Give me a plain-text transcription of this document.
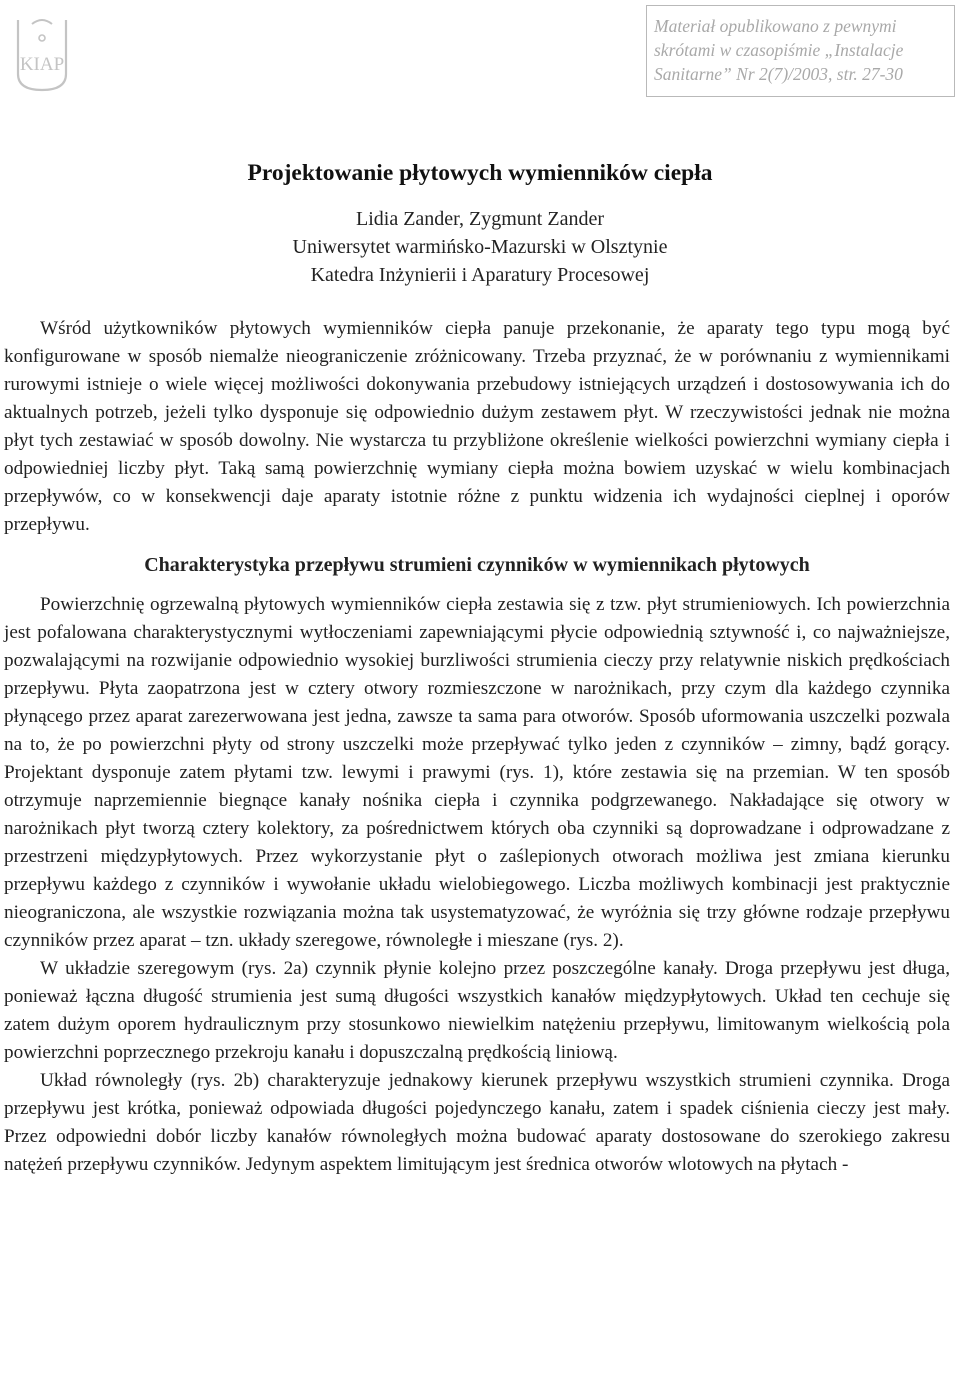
KIAP
Materiał opublikowano z pewnymi
skrótami w czasopiśmie „Instalacje
Sanitarne” Nr 2(7)/2003, str. 27-30
Projektowanie płytowych wymienników ciepła
Lidia Zander, Zygmunt Zander
Uniwersytet warmińsko-Mazurski w Olsztynie
Katedra Inżynierii i Aparatury Procesowej

Wśród użytkowników płytowych wymienników ciepła panuje przekonanie, że aparaty tego typu mogą być konfigurowane w sposób niemalże nieograniczenie zróżnicowany. Trzeba przyznać, że w porównaniu z wymiennikami rurowymi istnieje o wiele więcej możliwości dokonywania przebudowy istniejących urządzeń i dostosowywania ich do aktualnych potrzeb, jeżeli tylko dysponuje się odpowiednio dużym zestawem płyt. W rzeczywistości jednak nie można płyt tych zestawiać w sposób dowolny. Nie wystarcza tu przybliżone określenie wielkości powierzchni wymiany ciepła i odpowiedniej liczby płyt. Taką samą powierzchnię wymiany ciepła można bowiem uzyskać w wielu kombinacjach przepływów, co w konsekwencji daje aparaty istotnie różne z punktu widzenia ich wydajności cieplnej i oporów przepływu.

Charakterystyka przepływu strumieni czynników w wymiennikach płytowych

Powierzchnię ogrzewalną płytowych wymienników ciepła zestawia się z tzw. płyt strumieniowych. Ich powierzchnia jest pofalowana charakterystycznymi wytłoczeniami zapewniającymi płycie odpowiednią sztywność i, co najważniejsze, pozwalającymi na rozwijanie odpowiednio wysokiej burzliwości strumienia cieczy przy relatywnie niskich prędkościach przepływu. Płyta zaopatrzona jest w cztery otwory rozmieszczone w narożnikach, przy czym dla każdego czynnika płynącego przez aparat zarezerwowana jest jedna, zawsze ta sama para otworów. Sposób uformowania uszczelki pozwala na to, że po powierzchni płyty od strony uszczelki może przepływać tylko jeden z czynników – zimny, bądź gorący. Projektant dysponuje zatem płytami tzw. lewymi i prawymi (rys. 1), które zestawia się na przemian. W ten sposób otrzymuje naprzemiennie biegnące kanały nośnika ciepła i czynnika podgrzewanego. Nakładające się otwory w narożnikach płyt tworzą cztery kolektory, za pośrednictwem których oba czynniki są doprowadzane i odprowadzane z przestrzeni międzypłytowych. Przez wykorzystanie płyt o zaślepionych otworach możliwa jest zmiana kierunku przepływu każdego z czynników i wywołanie układu wielobiegowego. Liczba możliwych kombinacji jest praktycznie nieograniczona, ale wszystkie rozwiązania można tak usystematyzować, że wyróżnia się trzy główne rodzaje przepływu czynników przez aparat – tzn. układy szeregowe, równoległe i mieszane (rys. 2).

W układzie szeregowym (rys. 2a) czynnik płynie kolejno przez poszczególne kanały. Droga przepływu jest długa, ponieważ łączna długość strumienia jest sumą długości wszystkich kanałów międzypłytowych. Układ ten cechuje się zatem dużym oporem hydraulicznym przy stosunkowo niewielkim natężeniu przepływu, limitowanym wielkością pola powierzchni poprzecznego przekroju kanału i dopuszczalną prędkością liniową.

Układ równoległy (rys. 2b) charakteryzuje jednakowy kierunek przepływu wszystkich strumieni czynnika. Droga przepływu jest krótka, ponieważ odpowiada długości pojedynczego kanału, zatem i spadek ciśnienia cieczy jest mały. Przez odpowiedni dobór liczby kanałów równoległych można budować aparaty dostosowane do szerokiego zakresu natężeń przepływu czynników. Jedynym aspektem limitującym jest średnica otworów wlotowych na płytach -
